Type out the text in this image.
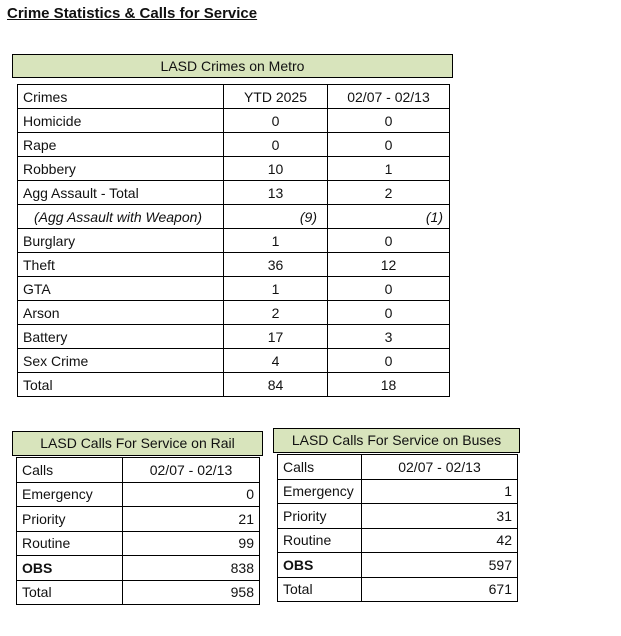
Crime Statistics & Calls for Service
LASD Crimes on Metro
Crimes	YTD 2025	02/07 - 02/13
Homicide	0	0
Rape	0	0
Robbery	10	1
Agg Assault - Total	13	2
(Agg Assault with Weapon)	(9)	(1)
Burglary	1	0
Theft	36	12
GTA	1	0
Arson	2	0
Battery	17	3
Sex Crime	4	0
Total	84	18
LASD Calls For Service on Rail
Calls	02/07 - 02/13
Emergency	0
Priority	21
Routine	99
OBS	838
Total	958
LASD Calls For Service on Buses
Calls	02/07 - 02/13
Emergency	1
Priority	31
Routine	42
OBS	597
Total	671
